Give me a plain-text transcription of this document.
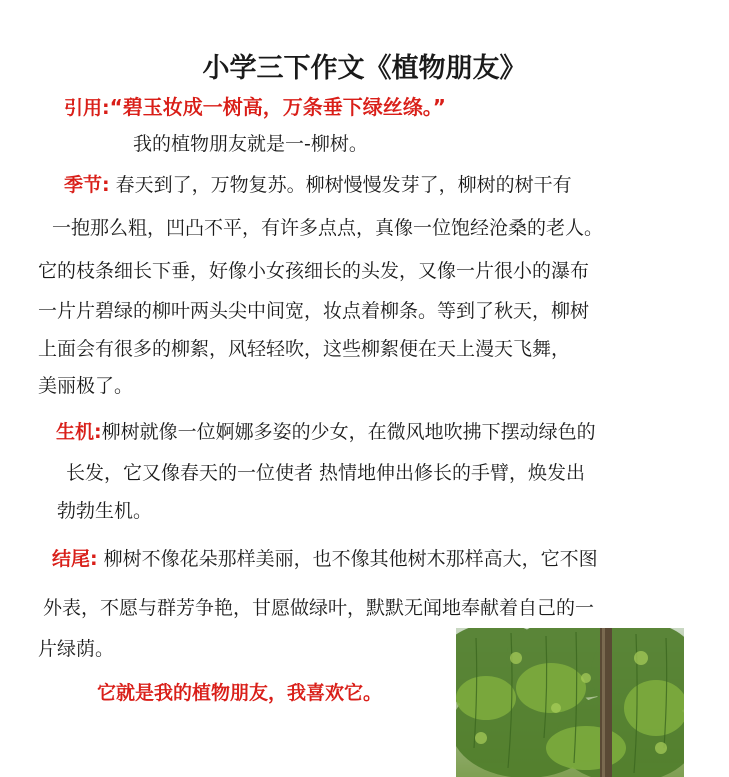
小学三下作文《植物朋友》
引用:“碧玉妆成一树高，万条垂下绿丝绦。”
我的植物朋友就是一-柳树。
季节: 春天到了，万物复苏。柳树慢慢发芽了，柳树的树干有
一抱那么粗，凹凸不平，有许多点点，真像一位饱经沧桑的老人。
它的枝条细长下垂，好像小女孩细长的头发，又像一片很小的瀑布
一片片碧绿的柳叶两头尖中间宽，妆点着柳条。等到了秋天，柳树
上面会有很多的柳絮，风轻轻吹，这些柳絮便在天上漫天飞舞，
美丽极了。
生机:柳树就像一位婀娜多姿的少女，在微风地吹拂下摆动绿色的
长发，它又像春天的一位使者 热情地伸出修长的手臂，焕发出
勃勃生机。
结尾: 柳树不像花朵那样美丽，也不像其他树木那样高大，它不图
外表，不愿与群芳争艳，甘愿做绿叶，默默无闻地奉献着自己的一
片绿荫。
它就是我的植物朋友，我喜欢它。
